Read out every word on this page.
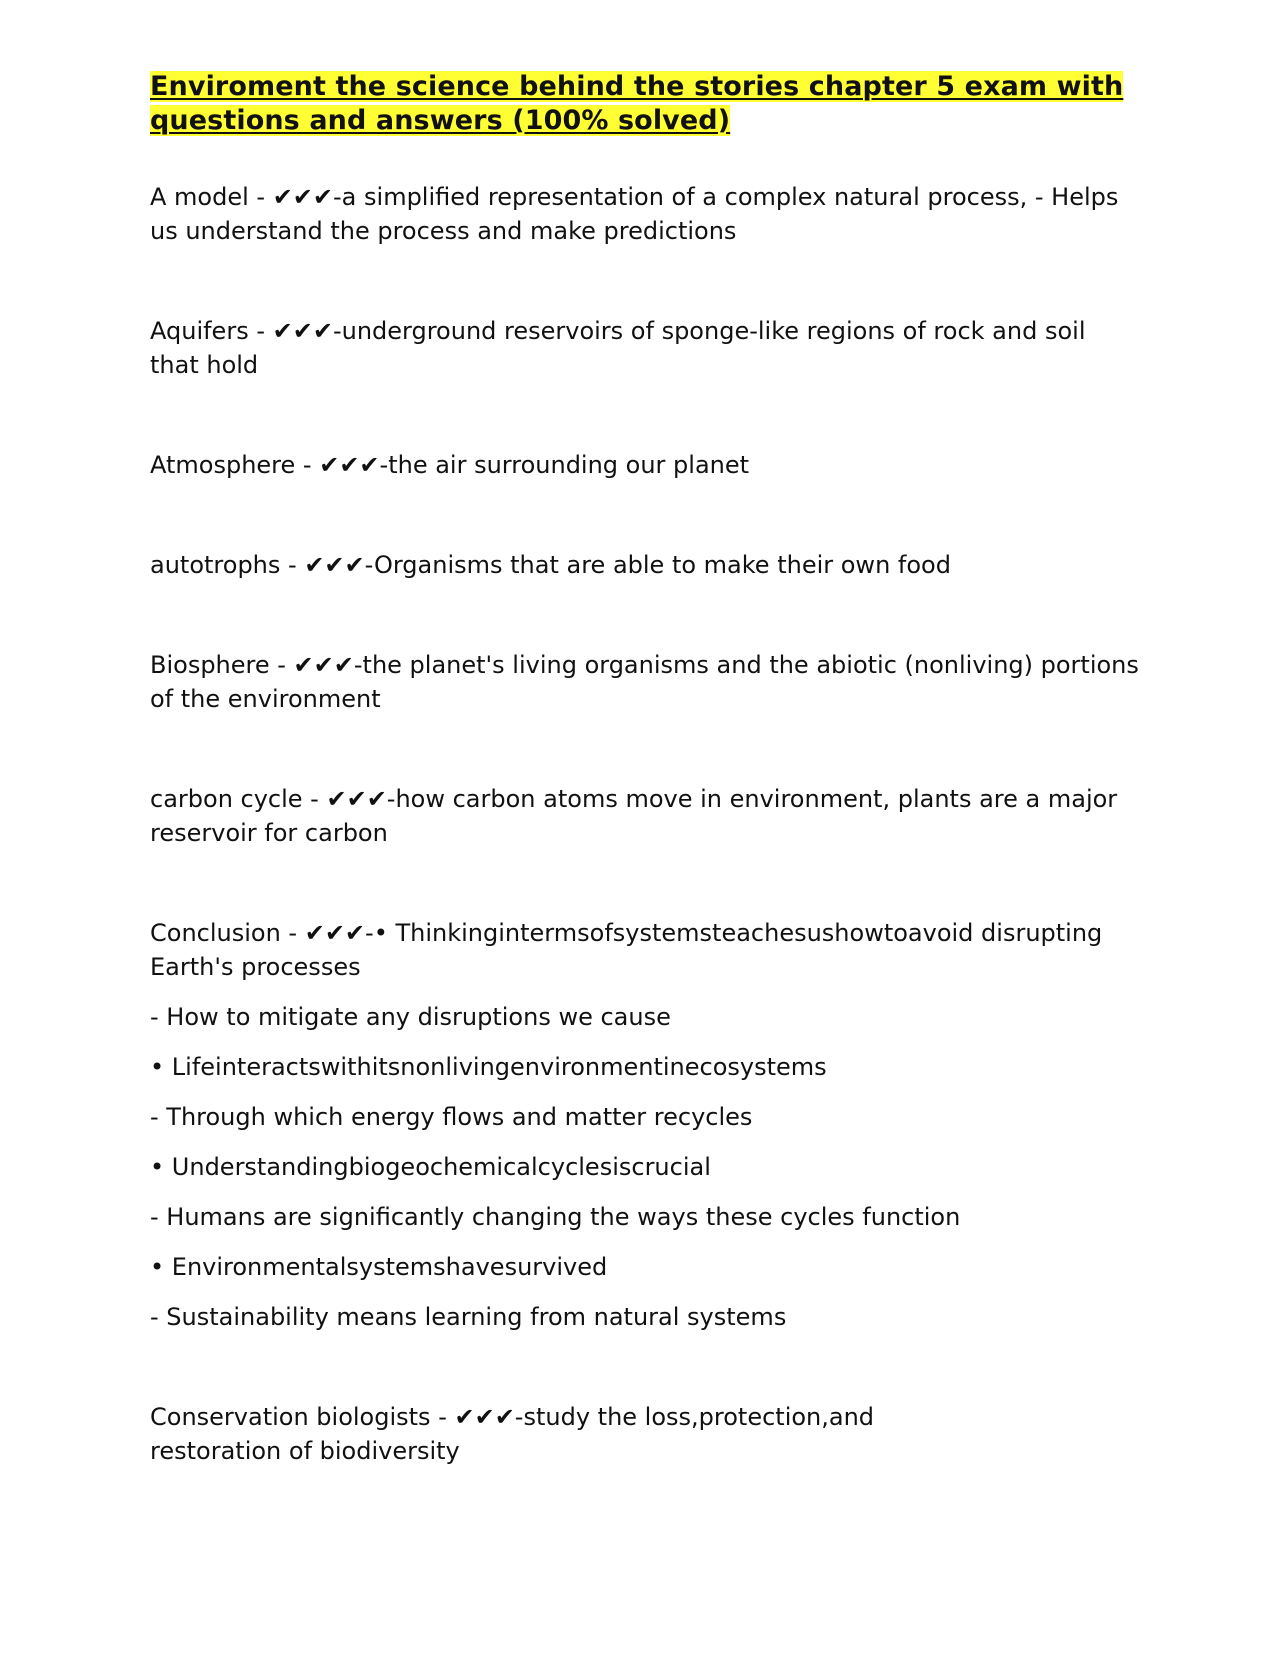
Enviroment the science behind the stories chapter 5 exam with questions and answers (100% solved)

A model - ✔✔✔-a simplified representation of a complex natural process, - Helps us understand the process and make predictions

Aquifers - ✔✔✔-underground reservoirs of sponge-like regions of rock and soil that hold

Atmosphere - ✔✔✔-the air surrounding our planet

autotrophs - ✔✔✔-Organisms that are able to make their own food

Biosphere - ✔✔✔-the planet's living organisms and the abiotic (nonliving) portions of the environment

carbon cycle - ✔✔✔-how carbon atoms move in environment, plants are a major reservoir for carbon

Conclusion - ✔✔✔-• Thinkingintermsofsystemsteachesushowtoavoid disrupting Earth's processes

- How to mitigate any disruptions we cause

• Lifeinteractswithitsnonlivingenvironmentinecosystems

- Through which energy flows and matter recycles

• Understandingbiogeochemicalcyclesiscrucial

- Humans are significantly changing the ways these cycles function

• Environmentalsystemshavesurvived

- Sustainability means learning from natural systems

Conservation biologists - ✔✔✔-study the loss,protection,and

restoration of biodiversity
